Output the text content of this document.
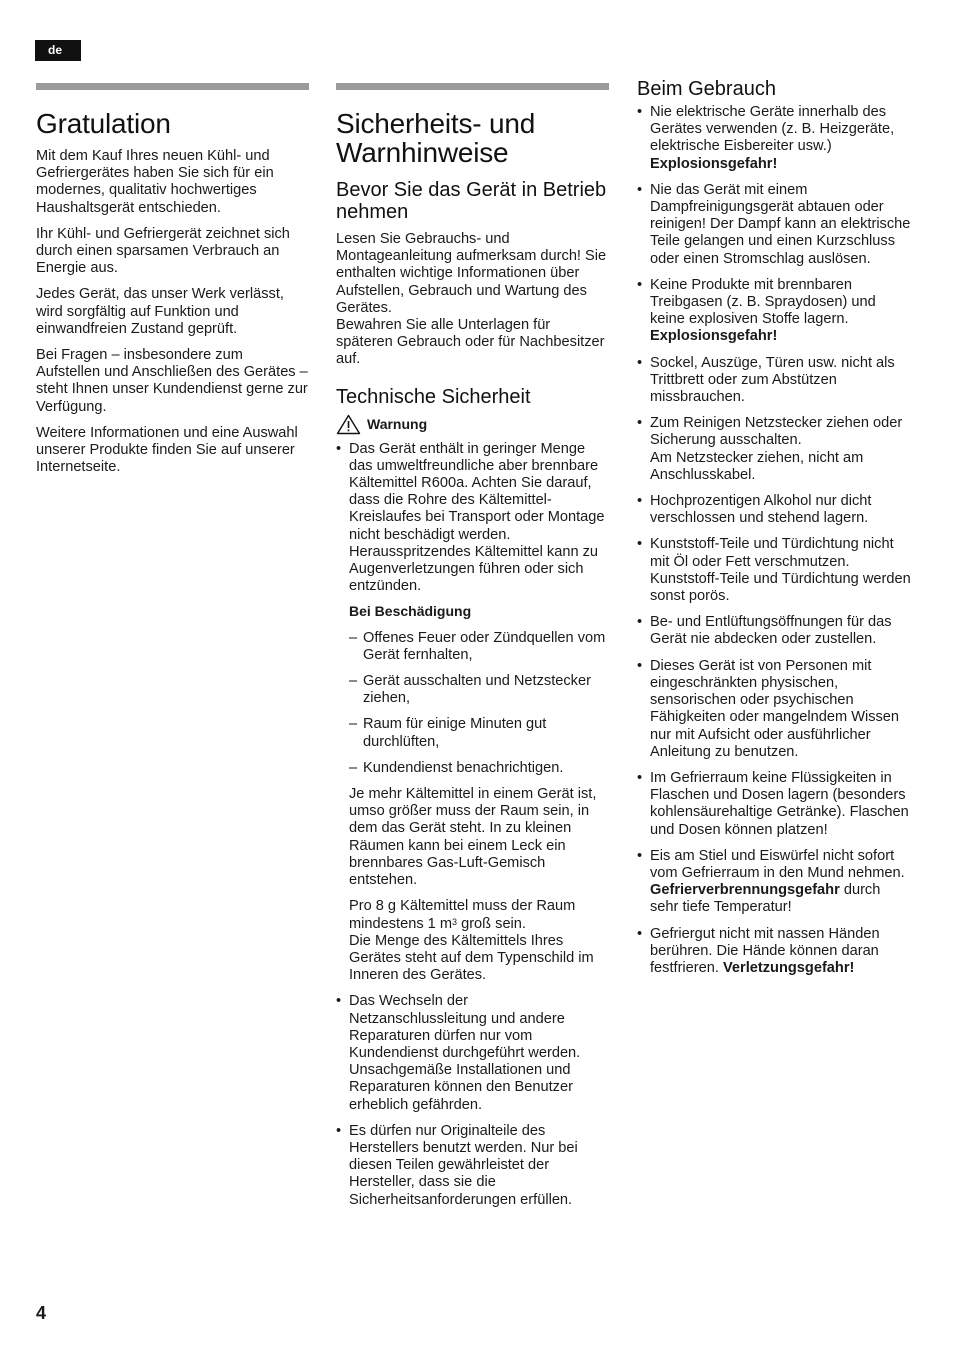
de
Gratulation

Mit dem Kauf Ihres neuen Kühl- und Gefriergerätes haben Sie sich für ein modernes, qualitativ hochwertiges Haushaltsgerät entschieden.

Ihr Kühl- und Gefriergerät zeichnet sich durch einen sparsamen Verbrauch an Energie aus.

Jedes Gerät, das unser Werk verlässt, wird sorgfältig auf Funktion und einwandfreien Zustand geprüft.

Bei Fragen – insbesondere zum Aufstellen und Anschließen des Gerätes – steht Ihnen unser Kundendienst gerne zur Verfügung.

Weitere Informationen und eine Auswahl unserer Produkte finden Sie auf unserer Internetseite.

Sicherheits- und Warnhinweise
Bevor Sie das Gerät in Betrieb nehmen

Lesen Sie Gebrauchs- und Montageanleitung aufmerksam durch! Sie enthalten wichtige Informationen über Aufstellen, Gebrauch und Wartung des Gerätes.

Bewahren Sie alle Unterlagen für späteren Gebrauch oder für Nachbesitzer auf.

Technische Sicherheit
Warnung
• Das Gerät enthält in geringer Menge das umweltfreundliche aber brennbare Kältemittel R600a. Achten Sie darauf, dass die Rohre des Kältemittel-Kreislaufes bei Transport oder Montage nicht beschädigt werden. Herausspritzendes Kältemittel kann zu Augenverletzungen führen oder sich entzünden.
Bei Beschädigung
– Offenes Feuer oder Zündquellen vom Gerät fernhalten,
– Gerät ausschalten und Netzstecker ziehen,
– Raum für einige Minuten gut durchlüften,
– Kundendienst benachrichtigen.

Je mehr Kältemittel in einem Gerät ist, umso größer muss der Raum sein, in dem das Gerät steht. In zu kleinen Räumen kann bei einem Leck ein brennbares Gas-Luft-Gemisch entstehen.

Pro 8 g Kältemittel muss der Raum mindestens 1 $m^3$ groß sein.

Die Menge des Kältemittels Ihres Gerätes steht auf dem Typenschild im Inneren des Gerätes.

• Das Wechseln der Netzanschlussleitung und andere Reparaturen dürfen nur vom Kundendienst durchgeführt werden. Unsachgemäße Installationen und Reparaturen können den Benutzer erheblich gefährden.
• Es dürfen nur Originalteile des Herstellers benutzt werden. Nur bei diesen Teilen gewährleistet der Hersteller, dass sie die Sicherheitsanforderungen erfüllen.
Beim Gebrauch
• Nie elektrische Geräte innerhalb des Gerätes verwenden (z. B. Heizgeräte, elektrische Eisbereiter usw.)
Explosionsgefahr!
• Nie das Gerät mit einem Dampfreinigungsgerät abtauen oder reinigen! Der Dampf kann an elektrische Teile gelangen und einen Kurzschluss oder einen Stromschlag auslösen.
• Keine Produkte mit brennbaren Treibgasen (z. B. Spraydosen) und keine explosiven Stoffe lagern.
Explosionsgefahr!
• Sockel, Auszüge, Türen usw. nicht als Trittbrett oder zum Abstützen missbrauchen.
• Zum Reinigen Netzstecker ziehen oder Sicherung ausschalten.
Am Netzstecker ziehen, nicht am Anschlusskabel.
• Hochprozentigen Alkohol nur dicht verschlossen und stehend lagern.
• Kunststoff-Teile und Türdichtung nicht mit Öl oder Fett verschmutzen. Kunststoff-Teile und Türdichtung werden sonst porös.
• Be- und Entlüftungsöffnungen für das Gerät nie abdecken oder zustellen.
• Dieses Gerät ist von Personen mit eingeschränkten physischen, sensorischen oder psychischen Fähigkeiten oder mangelndem Wissen nur mit Aufsicht oder ausführlicher Anleitung zu benutzen.
• Im Gefrierraum keine Flüssigkeiten in Flaschen und Dosen lagern (besonders kohlensäurehaltige Getränke). Flaschen und Dosen können platzen!
• Eis am Stiel und Eiswürfel nicht sofort vom Gefrierraum in den Mund nehmen.
Gefrierverbrennungsgefahr durch sehr tiefe Temperatur!
• Gefriergut nicht mit nassen Händen berühren. Die Hände können daran festfrieren. Verletzungsgefahr!
4
